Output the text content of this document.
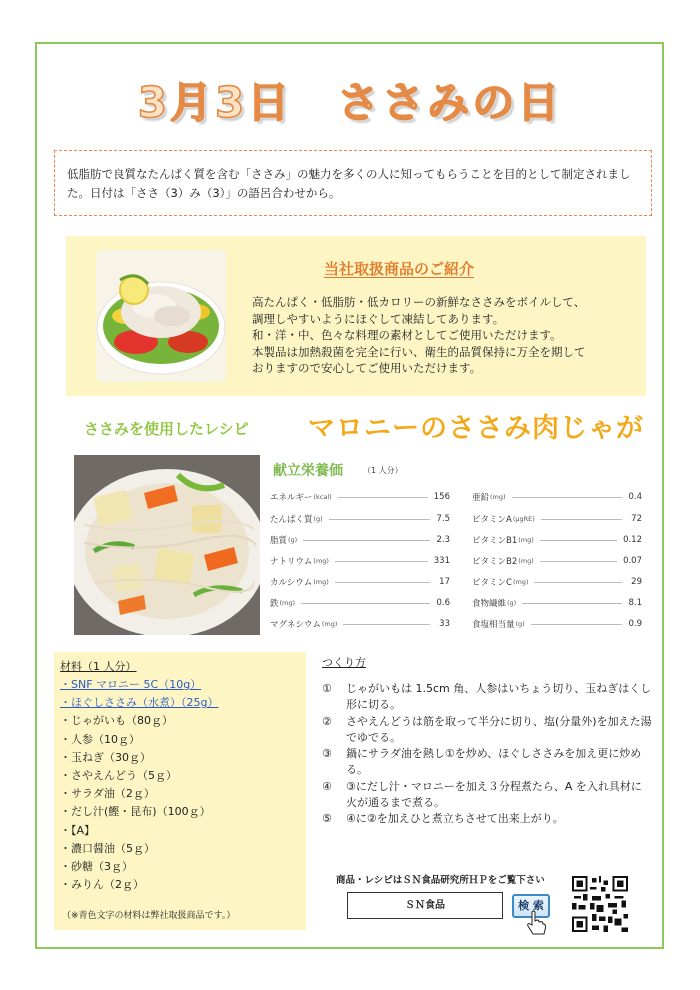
3月3日　ささみの日
低脂肪で良質なたんぱく質を含む「ささみ」の魅力を多くの人に知ってもらうことを目的として制定されました。日付は「ささ（3）み（3）」の語呂合わせから。
当社取扱商品のご紹介
高たんぱく・低脂肪・低カロリーの新鮮なささみをボイルして、
調理しやすいようにほぐして凍結してあります。
和・洋・中、色々な料理の素材としてご使用いただけます。
本製品は加熱殺菌を完全に行い、衛生的品質保持に万全を期して
おりますので安心してご使用いただけます。
ささみを使用したレシピ マロニーのささみ肉じゃが
献立栄養価	（1 人分）
エネルギー (kcal)	156
たんぱく質 (g)	7.5
脂質 (g)	2.3
ナトリウム (mg)	331
カルシウム (mg)	17
鉄 (mg)	0.6
マグネシウム (mg)	33
亜鉛 (mg)	0.4
ビタミンA (μgRE)	72
ビタミンB1 (mg)	0.12
ビタミンB2 (mg)	0.07
ビタミンC (mg)	29
食物繊維 (g)	8.1
食塩相当量 (g)	0.9
材料（1 人分）
・SNF マロニー 5C（10g）
・ほぐしささみ（水煮）（25g）
・じゃがいも（80ｇ）
・人参（10ｇ）
・玉ねぎ（30ｇ）
・さやえんどう（5ｇ）
・サラダ油（2ｇ）
・だし汁(鰹・昆布)（100ｇ）
・【A】
・濃口醤油（5ｇ）
・砂糖（3ｇ）
・みりん（2ｇ）
（※青色文字の材料は弊社取扱商品です。）
つくり方
①	じゃがいもは 1.5cm 角、人参はいちょう切り、玉ねぎはくし形に切る。
②	さやえんどうは筋を取って半分に切り、塩(分量外)を加えた湯でゆでる。
③	鍋にサラダ油を熱し①を炒め、ほぐしささみを加え更に炒める。
④	③にだし汁・マロニーを加え３分程煮たら、A を入れ具材に火が通るまで煮る。
⑤	④に②を加えひと煮立ちさせて出来上がり。
商品・レシピはＳＮ食品研究所ＨＰをご覧下さい
ＳＮ食品	検 索
